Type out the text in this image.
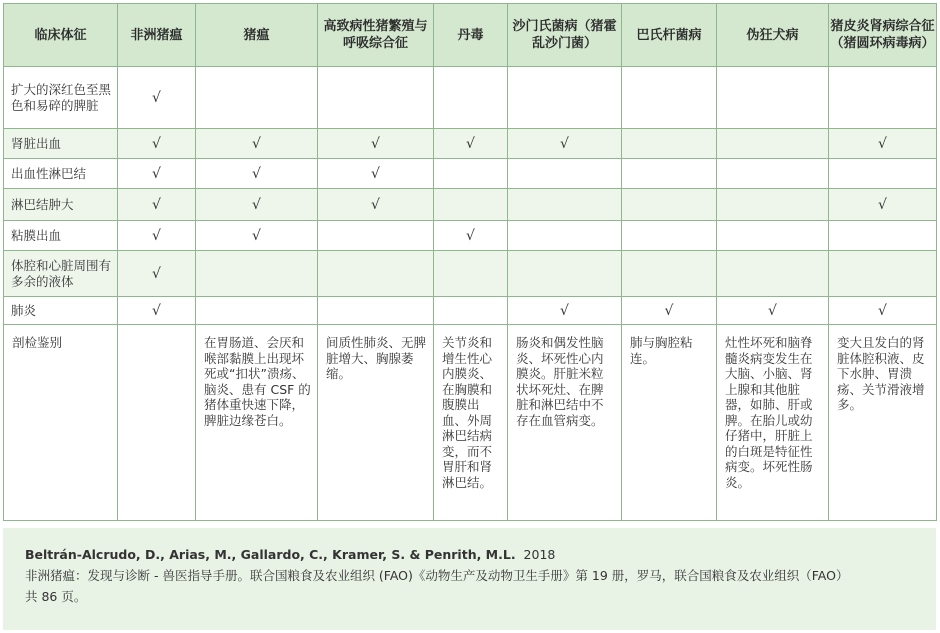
临床体征	非洲猪瘟	猪瘟	高致病性猪繁殖与呼吸综合征	丹毒	沙门氏菌病（猪霍乱沙门菌）	巴氏杆菌病	伪狂犬病	猪皮炎肾病综合征（猪圆环病毒病）
扩大的深红色至黑色和易碎的脾脏	√							
肾脏出血	√	√	√	√	√			√
出血性淋巴结	√	√	√					
淋巴结肿大	√	√	√					√
粘膜出血	√	√		√				
体腔和心脏周围有多余的液体	√							
肺炎	√				√	√	√	√
剖检鉴别		在胃肠道、会厌和喉部黏膜上出现坏死或“扣状”溃疡、脑炎、患有 CSF 的猪体重快速下降，脾脏边缘苍白。	间质性肺炎、无脾脏增大、胸腺萎缩。	关节炎和增生性心内膜炎、在胸膜和腹膜出血、外周淋巴结病变，而不胃肝和肾淋巴结。	肠炎和偶发性脑炎、坏死性心内膜炎。肝脏米粒状坏死灶、在脾脏和淋巴结中不存在血管病变。	肺与胸腔粘连。	灶性坏死和脑脊髓炎病变发生在大脑、小脑、肾上腺和其他脏器，如肺、肝或脾。在胎儿或幼仔猪中，肝脏上的白斑是特征性病变。坏死性肠炎。	变大且发白的肾脏体腔积液、皮下水肿、胃溃疡、关节滑液增多。
Beltrán-Alcrudo, D., Arias, M., Gallardo, C., Kramer, S. & Penrith, M.L. 2018
非洲猪瘟：发现与诊断 - 兽医指导手册。联合国粮食及农业组织 (FAO)《动物生产及动物卫生手册》第 19 册，罗马，联合国粮食及农业组织（FAO）
共 86 页。
